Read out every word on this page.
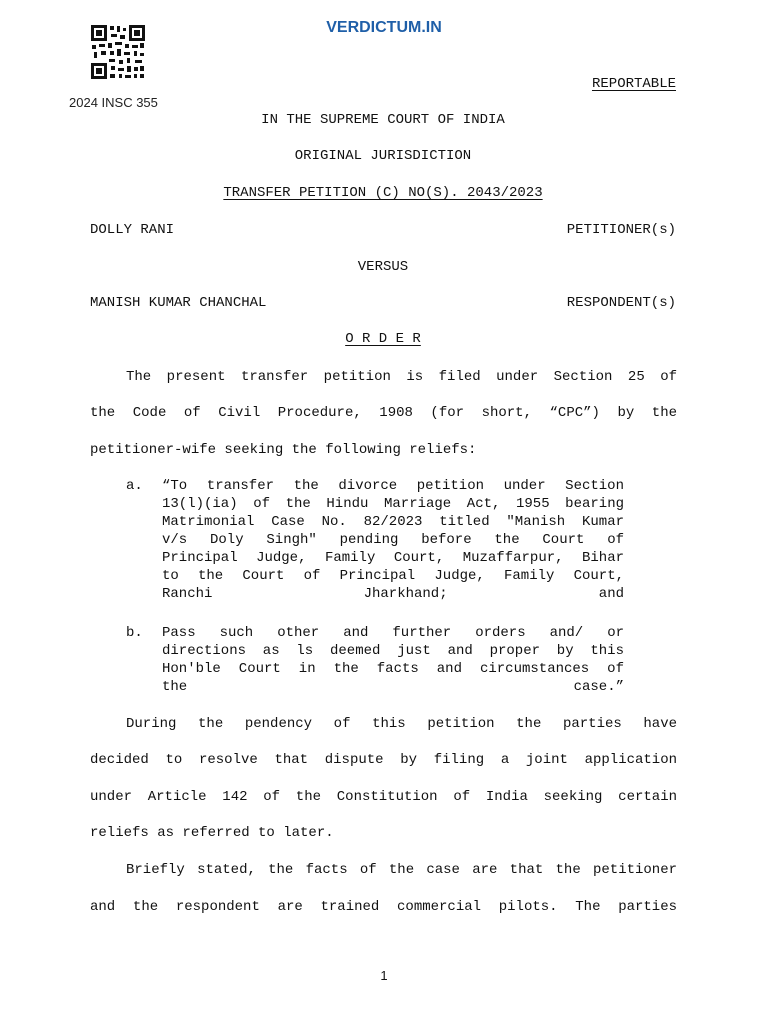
VERDICTUM.IN
2024 INSC 355
REPORTABLE
IN THE SUPREME COURT OF INDIA
ORIGINAL JURISDICTION
TRANSFER PETITION (C) NO(S). 2043/2023
DOLLY RANI	PETITIONER(s)
VERSUS
MANISH KUMAR CHANCHAL	RESPONDENT(s)
O R D E R
The present transfer petition is filed under Section 25 of
the Code of Civil Procedure, 1908 (for short, “CPC”) by the
petitioner-wife seeking the following reliefs:
a. “To transfer the divorce petition under Section
13(l)(ia) of the Hindu Marriage Act, 1955 bearing
Matrimonial Case No. 82/2023 titled "Manish Kumar
v/s Doly Singh" pending before the Court of
Principal Judge, Family Court, Muzaffarpur, Bihar
to the Court of Principal Judge, Family Court,
Ranchi Jharkhand; and
b. Pass such other and further orders and/ or
directions as ls deemed just and proper by this
Hon'ble Court in the facts and circumstances of
the case.”
During the pendency of this petition the parties have
decided to resolve that dispute by filing a joint application
under Article 142 of the Constitution of India seeking certain
reliefs as referred to later.
Briefly stated, the facts of the case are that the petitioner
and the respondent are trained commercial pilots. The parties
1
